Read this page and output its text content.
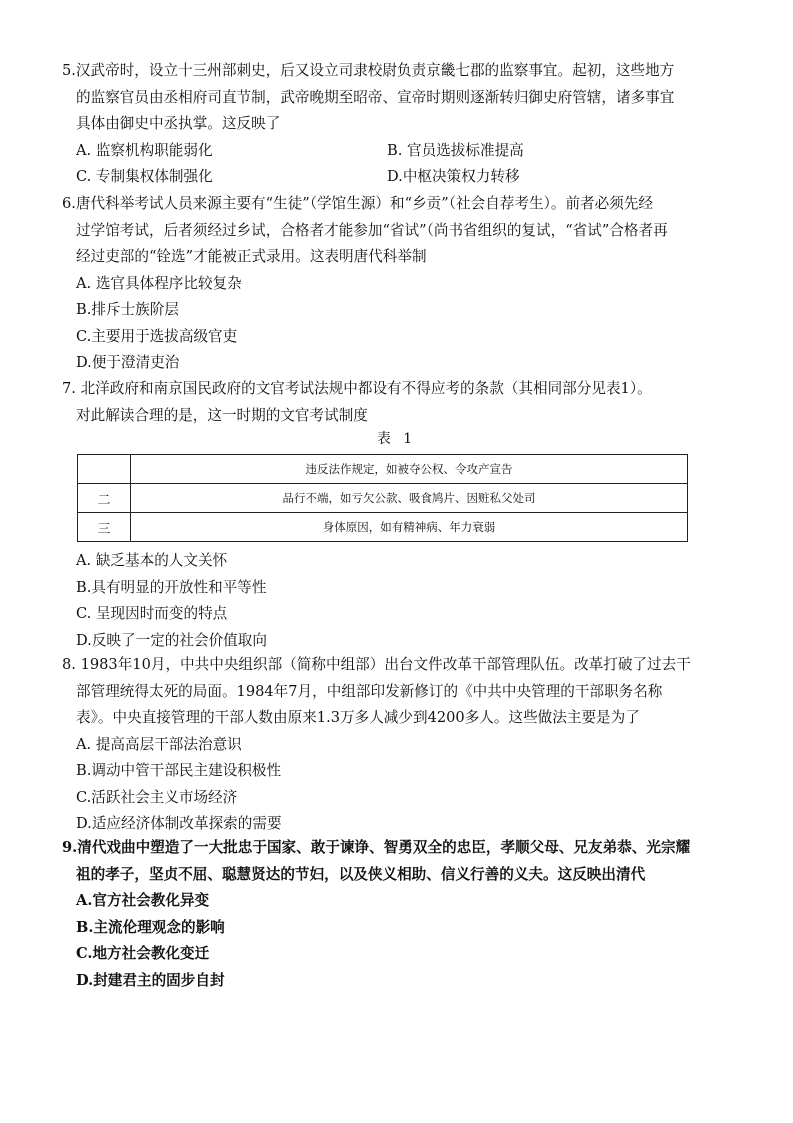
5.汉武帝时，设立十三州部刺史，后又设立司隶校尉负责京畿七郡的监察事宜。起初，这些地方

的监察官员由丞相府司直节制，武帝晚期至昭帝、宣帝时期则逐渐转归御史府管辖，诸多事宜

具体由御史中丞执掌。这反映了

A. 监察机构职能弱化	B. 官员选拔标准提高

C. 专制集权体制强化	D.中枢决策权力转移

6.唐代科举考试人员来源主要有“生徒”（学馆生源）和“乡贡”（社会自荐考生）。前者必须先经

过学馆考试，后者须经过乡试，合格者才能参加“省试”（尚书省组织的复试，“省试”合格者再

经过吏部的“铨选”才能被正式录用。这表明唐代科举制

A. 选官具体程序比较复杂

B.排斥士族阶层

C.主要用于选拔高级官吏

D.便于澄清吏治

7. 北洋政府和南京国民政府的文官考试法规中都设有不得应考的条款（其相同部分见表1）。

对此解读合理的是，这一时期的文官考试制度

表 1
	违反法作规定，如被夺公权、令攻产宣告
二	品行不端，如亏欠公款、吸食鸠片、因赃私父处司
三	身体原因，如有精神病、年力衰弱

A. 缺乏基本的人文关怀

B.具有明显的开放性和平等性

C. 呈现因时而变的特点

D.反映了一定的社会价值取向

8. 1983年10月，中共中央组织部（简称中组部）出台文件改革干部管理队伍。改革打破了过去干

部管理统得太死的局面。1984年7月，中组部印发新修订的《中共中央管理的干部职务名称

表》。中央直接管理的干部人数由原来1.3万多人减少到4200多人。这些做法主要是为了

A. 提高高层干部法治意识

B.调动中管干部民主建设积极性

C.活跃社会主义市场经济

D.适应经济体制改革探索的需要

9.清代戏曲中塑造了一大批忠于国家、敢于谏诤、智勇双全的忠臣，孝顺父母、兄友弟恭、光宗耀

祖的孝子，坚贞不屈、聪慧贤达的节妇，以及侠义相助、信义行善的义夫。这反映出清代

A.官方社会教化异变

B.主流伦理观念的影响

C.地方社会教化变迁

D.封建君主的固步自封
